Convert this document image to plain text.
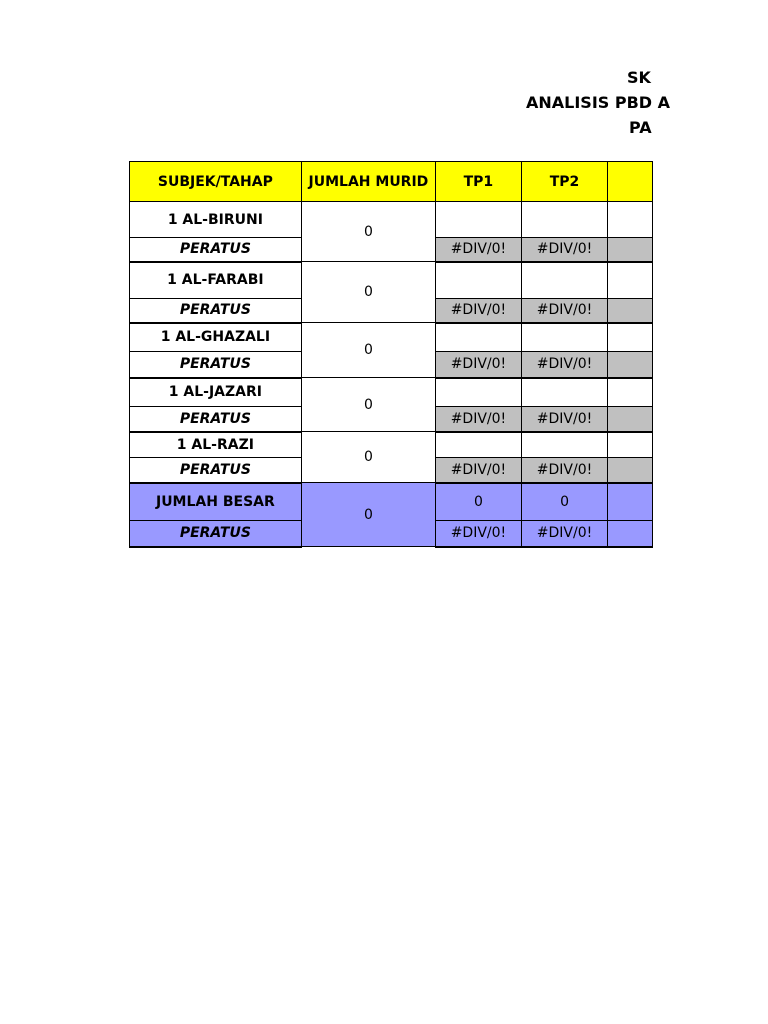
SK
ANALISIS PBD A
PA
SUBJEK/TAHAP	JUMLAH MURID	TP1	TP2	
1 AL-BIRUNI	0			
PERATUS		#DIV/0!	#DIV/0!	
1 AL-FARABI	0			
PERATUS		#DIV/0!	#DIV/0!	
1 AL-GHAZALI	0			
PERATUS		#DIV/0!	#DIV/0!	
1 AL-JAZARI	0			
PERATUS		#DIV/0!	#DIV/0!	
1 AL-RAZI	0			
PERATUS		#DIV/0!	#DIV/0!	
JUMLAH BESAR	0	0	0	
PERATUS		#DIV/0!	#DIV/0!	
